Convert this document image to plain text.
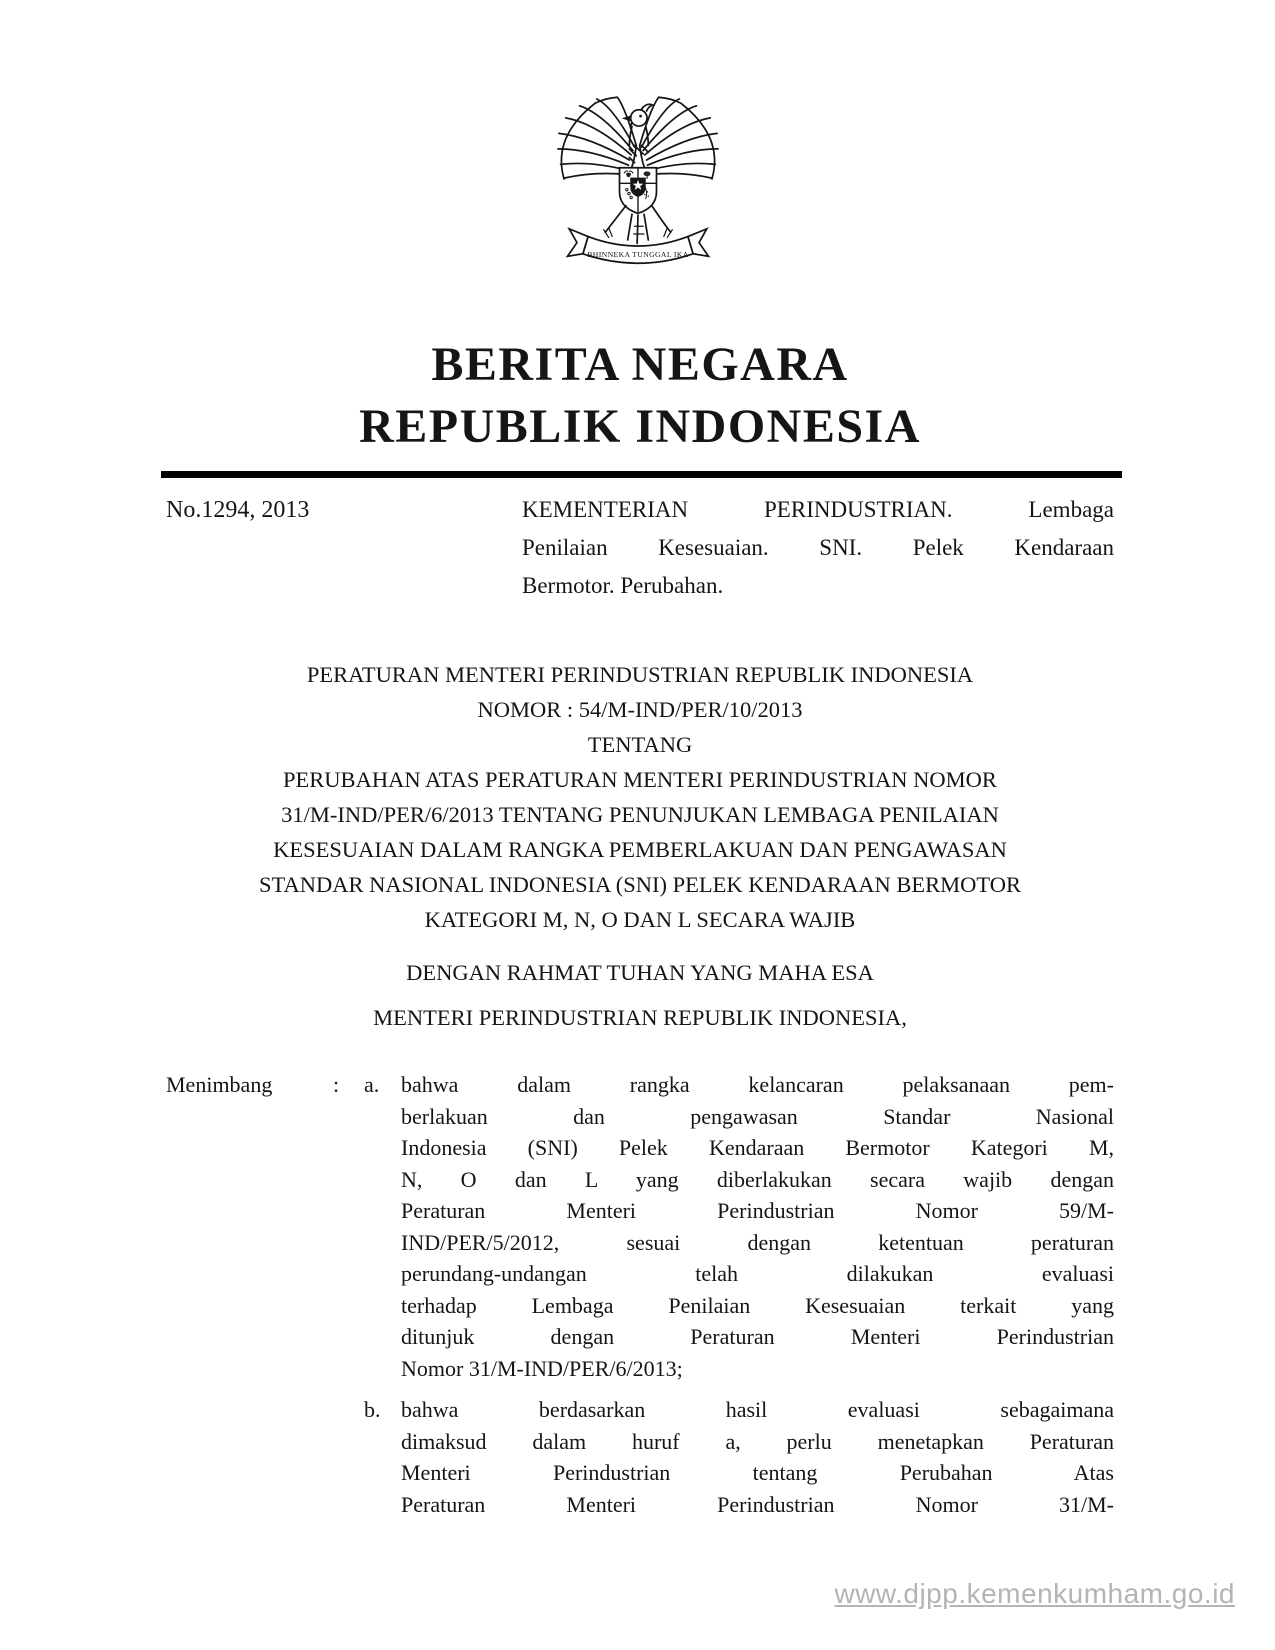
BHINNEKA TUNGGAL IKA
BERITA NEGARA
REPUBLIK INDONESIA
No.1294, 2013	KEMENTERIAN PERINDUSTRIAN. Lembaga
Penilaian Kesesuaian. SNI. Pelek Kendaraan
Bermotor. Perubahan.
PERATURAN MENTERI PERINDUSTRIAN REPUBLIK INDONESIA
NOMOR : 54/M-IND/PER/10/2013
TENTANG
PERUBAHAN ATAS PERATURAN MENTERI PERINDUSTRIAN NOMOR
31/M-IND/PER/6/2013 TENTANG PENUNJUKAN LEMBAGA PENILAIAN
KESESUAIAN DALAM RANGKA PEMBERLAKUAN DAN PENGAWASAN
STANDAR NASIONAL INDONESIA (SNI) PELEK KENDARAAN BERMOTOR
KATEGORI M, N, O DAN L SECARA WAJIB
DENGAN RAHMAT TUHAN YANG MAHA ESA
MENTERI PERINDUSTRIAN REPUBLIK INDONESIA,
Menimbang	:	a. bahwa dalam rangka kelancaran pelaksanaan pem-
berlakuan dan pengawasan Standar Nasional
Indonesia (SNI) Pelek Kendaraan Bermotor Kategori M,
N, O dan L yang diberlakukan secara wajib dengan
Peraturan Menteri Perindustrian Nomor 59/M-
IND/PER/5/2012, sesuai dengan ketentuan peraturan
perundang-undangan telah dilakukan evaluasi
terhadap Lembaga Penilaian Kesesuaian terkait yang
ditunjuk dengan Peraturan Menteri Perindustrian
Nomor 31/M-IND/PER/6/2013;
b. bahwa berdasarkan hasil evaluasi sebagaimana
dimaksud dalam huruf a, perlu menetapkan Peraturan
Menteri Perindustrian tentang Perubahan Atas
Peraturan Menteri Perindustrian Nomor 31/M-
www.djpp.kemenkumham.go.id
